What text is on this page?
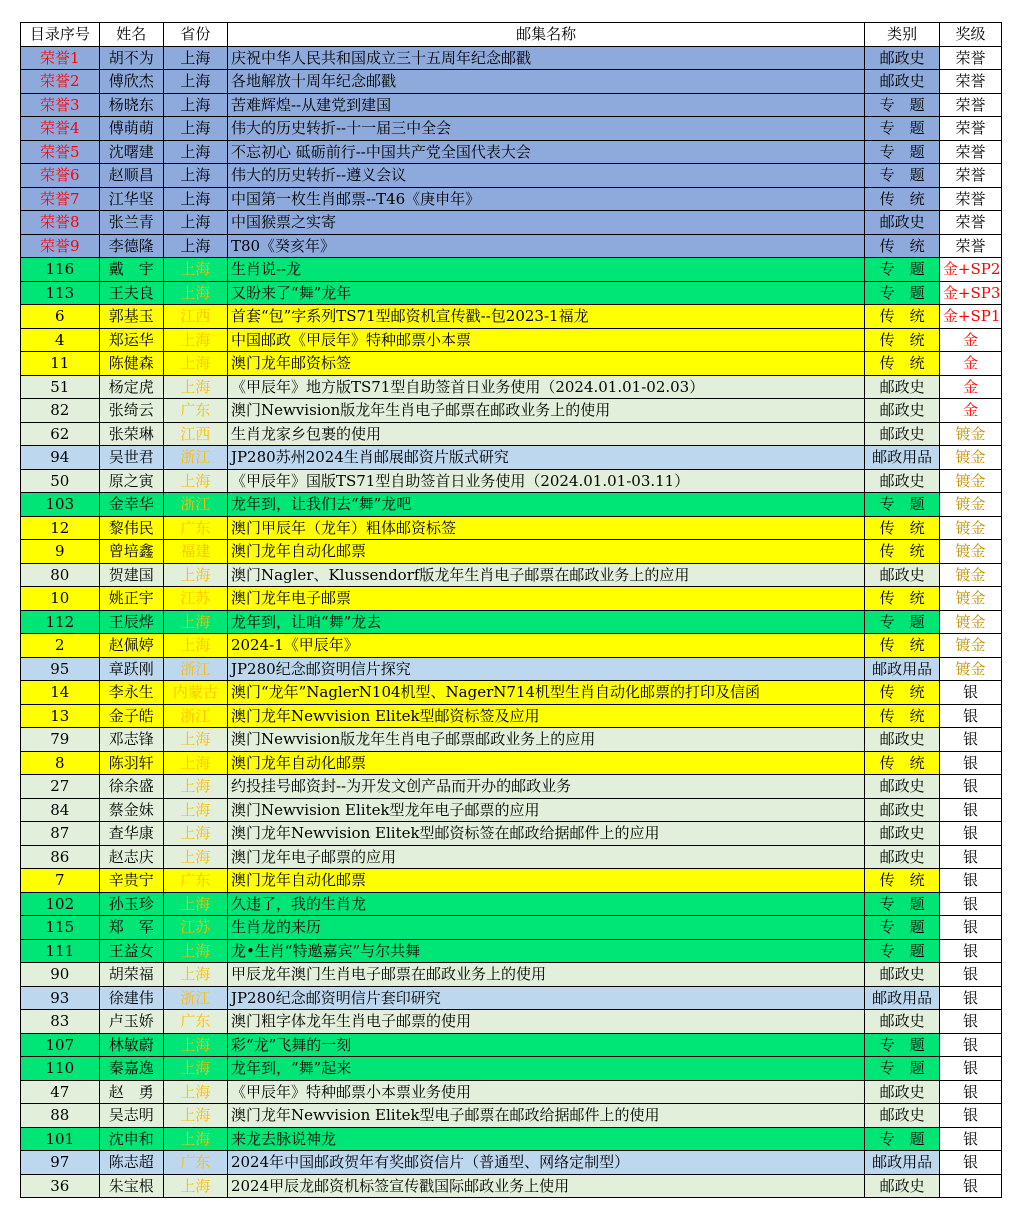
目录序号	姓名	省份	邮集名称	类别	奖级
荣誉1	胡不为	上海	庆祝中华人民共和国成立三十五周年纪念邮戳	邮政史	荣誉
荣誉2	傅欣杰	上海	各地解放十周年纪念邮戳	邮政史	荣誉
荣誉3	杨晓东	上海	苦难辉煌--从建党到建国	专　题	荣誉
荣誉4	傅萌萌	上海	伟大的历史转折--十一届三中全会	专　题	荣誉
荣誉5	沈曙建	上海	不忘初心 砥砺前行--中国共产党全国代表大会	专　题	荣誉
荣誉6	赵顺昌	上海	伟大的历史转折--遵义会议	专　题	荣誉
荣誉7	江华坚	上海	中国第一枚生肖邮票--T46《庚申年》	传　统	荣誉
荣誉8	张兰青	上海	中国猴票之实寄	邮政史	荣誉
荣誉9	李德隆	上海	T80《癸亥年》	传　统	荣誉
116	戴　宇	上海	生肖说--龙	专　题	金+SP2
113	王夫良	上海	又盼来了“舞”龙年	专　题	金+SP3
6	郭基玉	江西	首套“包”字系列TS71型邮资机宣传戳--包2023-1福龙	传　统	金+SP1
4	郑运华	上海	中国邮政《甲辰年》特种邮票小本票	传　统	金
11	陈健森	上海	澳门龙年邮资标签	传　统	金
51	杨定虎	上海	《甲辰年》地方版TS71型自助签首日业务使用（2024.01.01-02.03）	邮政史	金
82	张绮云	广东	澳门Newvision版龙年生肖电子邮票在邮政业务上的使用	邮政史	金
62	张荣琳	江西	生肖龙家乡包裹的使用	邮政史	镀金
94	吴世君	浙江	JP280苏州2024生肖邮展邮资片版式研究	邮政用品	镀金
50	原之寅	上海	《甲辰年》国版TS71型自助签首日业务使用（2024.01.01-03.11）	邮政史	镀金
103	金幸华	浙江	龙年到，让我们去“舞”龙吧	专　题	镀金
12	黎伟民	广东	澳门甲辰年（龙年）粗体邮资标签	传　统	镀金
9	曾培鑫	福建	澳门龙年自动化邮票	传　统	镀金
80	贺建国	上海	澳门Nagler、Klussendorf版龙年生肖电子邮票在邮政业务上的应用	邮政史	镀金
10	姚正宇	江苏	澳门龙年电子邮票	传　统	镀金
112	王辰烨	上海	龙年到，让咱“舞”龙去	专　题	镀金
2	赵佩婷	上海	2024-1《甲辰年》	传　统	镀金
95	章跃刚	浙江	JP280纪念邮资明信片探究	邮政用品	镀金
14	李永生	内蒙古	澳门“龙年”NaglerN104机型、NagerN714机型生肖自动化邮票的打印及信函	传　统	银
13	金子皓	浙江	澳门龙年Newvision Elitek型邮资标签及应用	传　统	银
79	邓志锋	上海	澳门Newvision版龙年生肖电子邮票邮政业务上的应用	邮政史	银
8	陈羽轩	上海	澳门龙年自动化邮票	传　统	银
27	徐余盛	上海	约投挂号邮资封--为开发文创产品而开办的邮政业务	邮政史	银
84	蔡金妹	上海	澳门Newvision Elitek型龙年电子邮票的应用	邮政史	银
87	查华康	上海	澳门龙年Newvision Elitek型邮资标签在邮政给据邮件上的应用	邮政史	银
86	赵志庆	上海	澳门龙年电子邮票的应用	邮政史	银
7	辛贵宁	广东	澳门龙年自动化邮票	传　统	银
102	孙玉珍	上海	久违了，我的生肖龙	专　题	银
115	郑　军	江苏	生肖龙的来历	专　题	银
111	王益女	上海	龙•生肖“特邀嘉宾”与尔共舞	专　题	银
90	胡荣福	上海	甲辰龙年澳门生肖电子邮票在邮政业务上的使用	邮政史	银
93	徐建伟	浙江	JP280纪念邮资明信片套印研究	邮政用品	银
83	卢玉娇	广东	澳门粗字体龙年生肖电子邮票的使用	邮政史	银
107	林敏蔚	上海	彩“龙”飞舞的一刻	专　题	银
110	秦嘉逸	上海	龙年到，“舞”起来	专　题	银
47	赵　勇	上海	《甲辰年》特种邮票小本票业务使用	邮政史	银
88	吴志明	上海	澳门龙年Newvision Elitek型电子邮票在邮政给据邮件上的使用	邮政史	银
101	沈申和	上海	来龙去脉说神龙	专　题	银
97	陈志超	广东	2024年中国邮政贺年有奖邮资信片（普通型、网络定制型）	邮政用品	银
36	朱宝根	上海	2024甲辰龙邮资机标签宣传戳国际邮政业务上使用	邮政史	银
